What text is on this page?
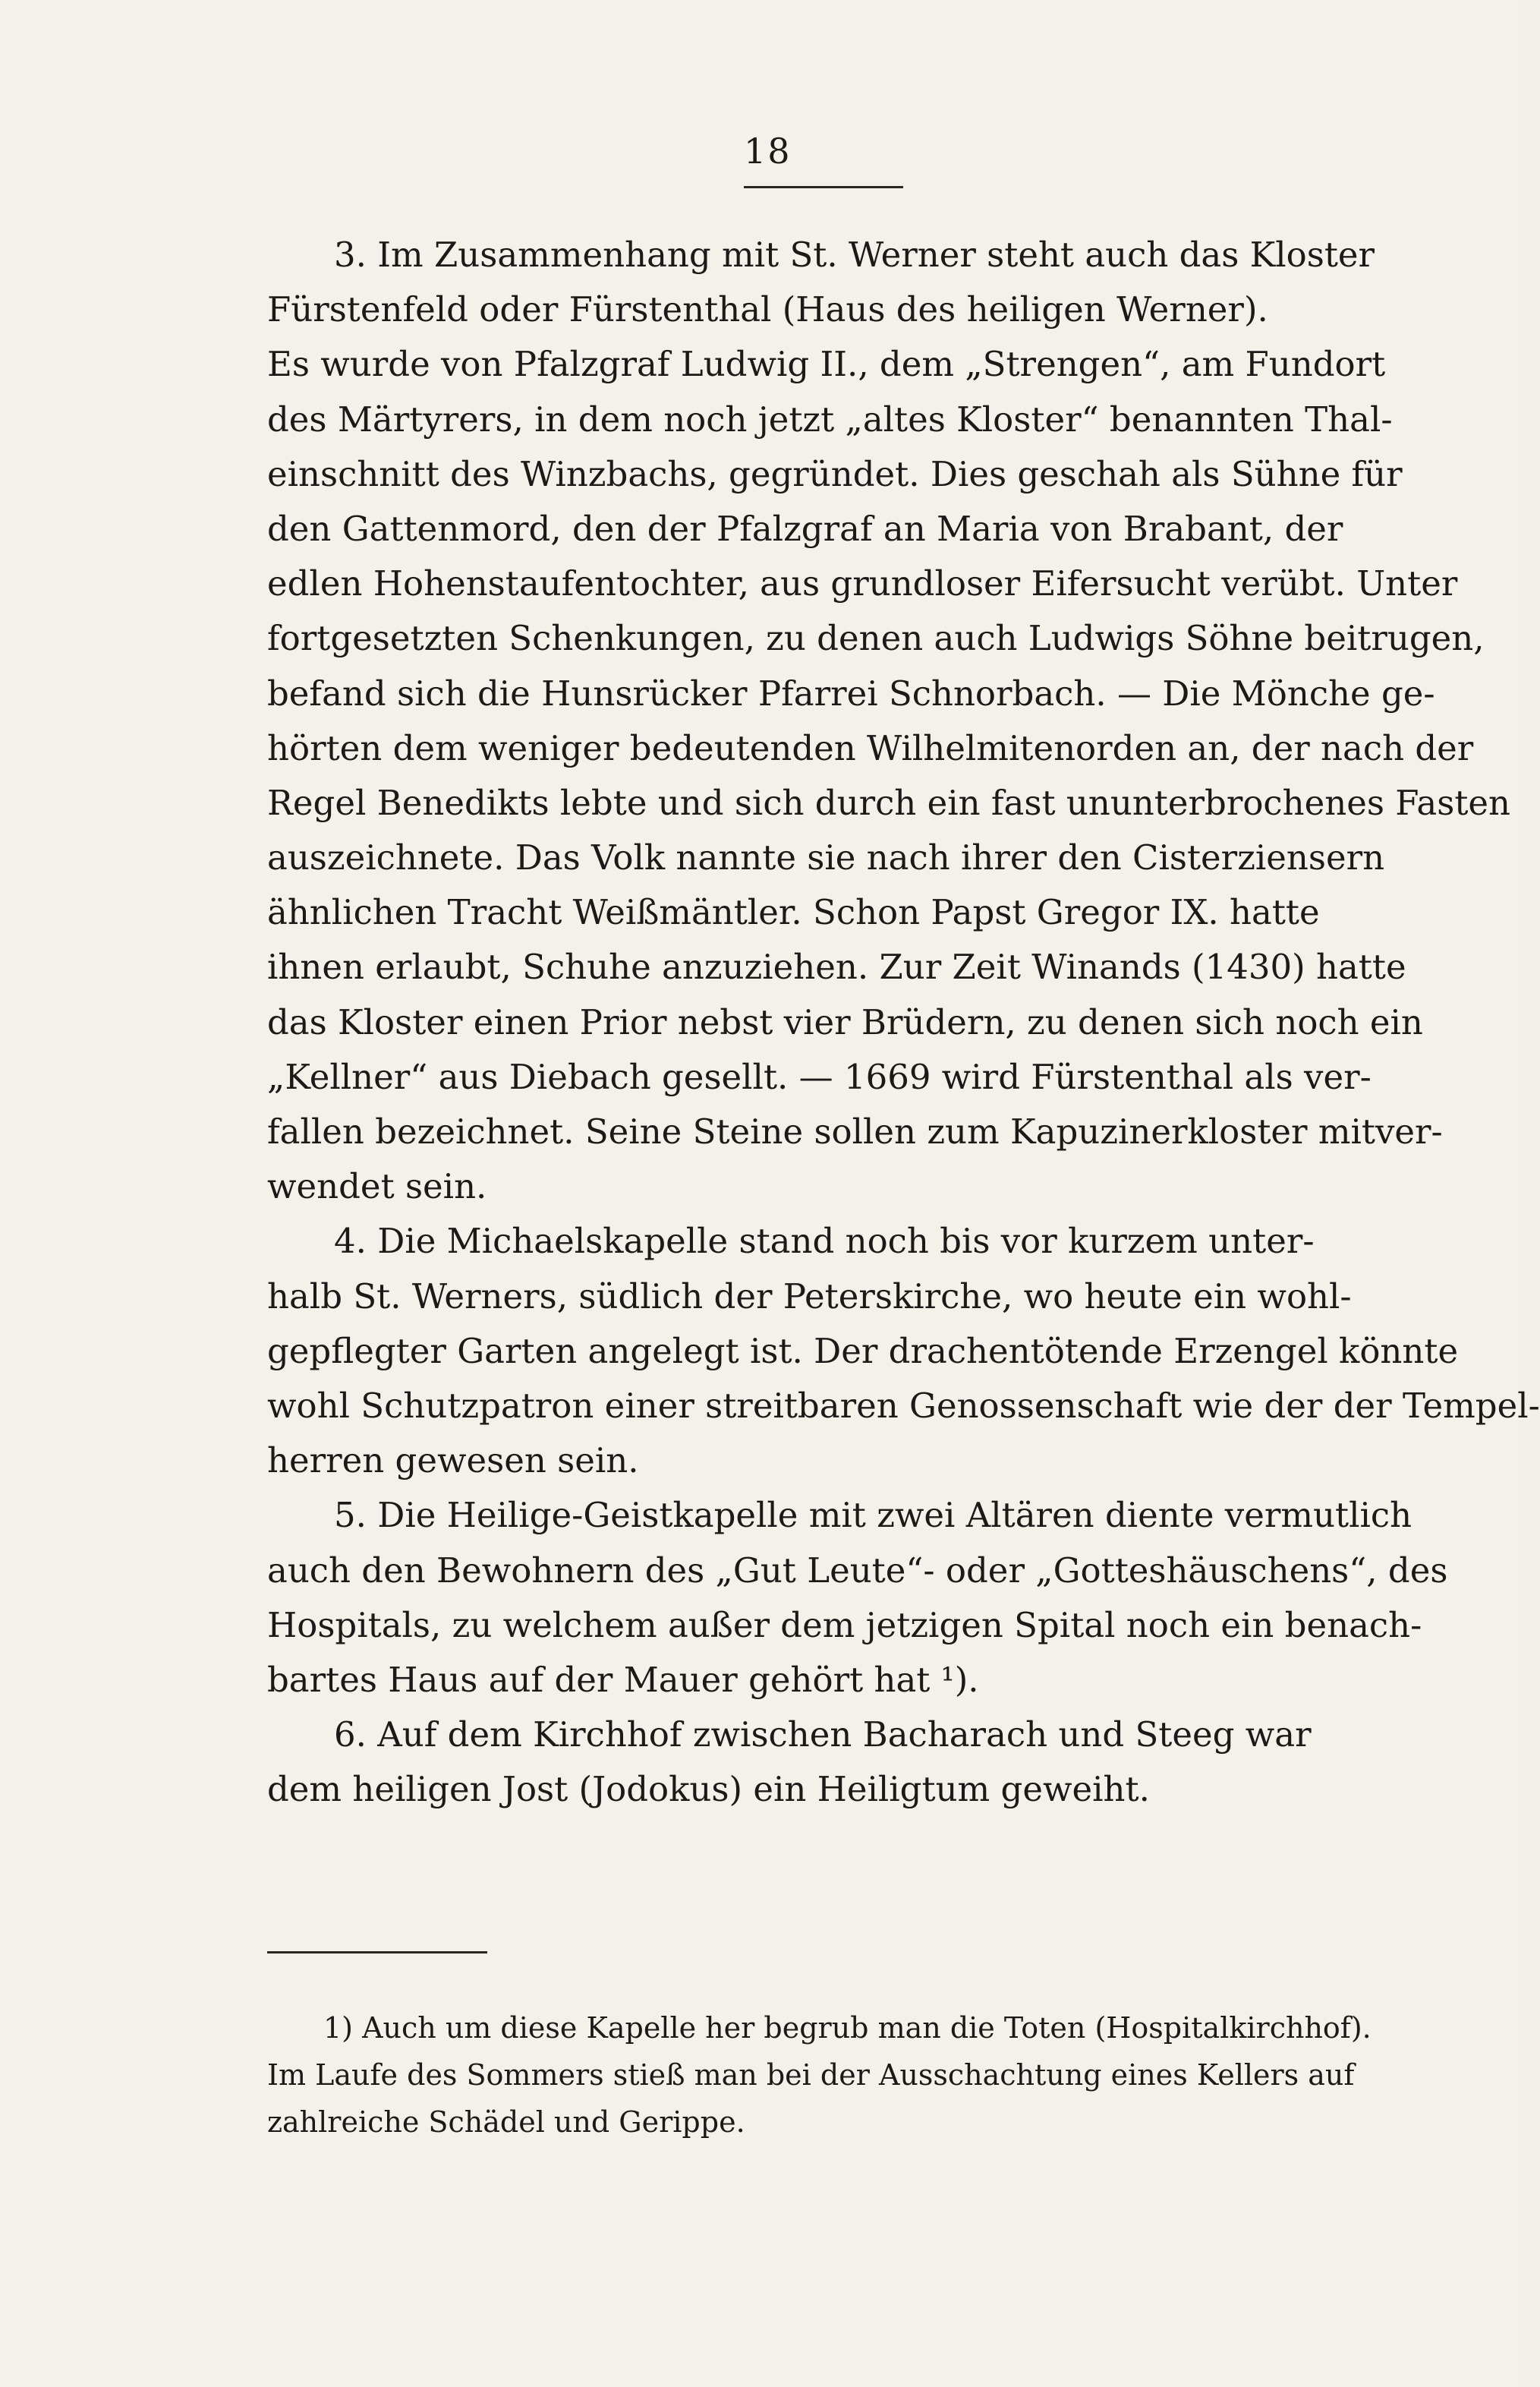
18
3. Im Zusammenhang mit St. Werner steht auch das Kloster
Fürstenfeld oder Fürstenthal (Haus des heiligen Werner).
Es wurde von Pfalzgraf Ludwig II., dem „Strengen“, am Fundort
des Märtyrers, in dem noch jetzt „altes Kloster“ benannten Thal-
einschnitt des Winzbachs, gegründet. Dies geschah als Sühne für
den Gattenmord, den der Pfalzgraf an Maria von Brabant, der
edlen Hohenstaufentochter, aus grundloser Eifersucht verübt. Unter
fortgesetzten Schenkungen, zu denen auch Ludwigs Söhne beitrugen,
befand sich die Hunsrücker Pfarrei Schnorbach. — Die Mönche ge-
hörten dem weniger bedeutenden Wilhelmitenorden an, der nach der
Regel Benedikts lebte und sich durch ein fast ununterbrochenes Fasten
auszeichnete. Das Volk nannte sie nach ihrer den Cisterziensern
ähnlichen Tracht Weißmäntler. Schon Papst Gregor IX. hatte
ihnen erlaubt, Schuhe anzuziehen. Zur Zeit Winands (1430) hatte
das Kloster einen Prior nebst vier Brüdern, zu denen sich noch ein
„Kellner“ aus Diebach gesellt. — 1669 wird Fürstenthal als ver-
fallen bezeichnet. Seine Steine sollen zum Kapuzinerkloster mitver-
wendet sein.
4. Die Michaelskapelle stand noch bis vor kurzem unter-
halb St. Werners, südlich der Peterskirche, wo heute ein wohl-
gepflegter Garten angelegt ist. Der drachentötende Erzengel könnte
wohl Schutzpatron einer streitbaren Genossenschaft wie der der Tempel-
herren gewesen sein.
5. Die Heilige-Geistkapelle mit zwei Altären diente vermutlich
auch den Bewohnern des „Gut Leute“- oder „Gotteshäuschens“, des
Hospitals, zu welchem außer dem jetzigen Spital noch ein benach-
bartes Haus auf der Mauer gehört hat ¹).
6. Auf dem Kirchhof zwischen Bacharach und Steeg war
dem heiligen Jost (Jodokus) ein Heiligtum geweiht.
1) Auch um diese Kapelle her begrub man die Toten (Hospitalkirchhof).
Im Laufe des Sommers stieß man bei der Ausschachtung eines Kellers auf
zahlreiche Schädel und Gerippe.
